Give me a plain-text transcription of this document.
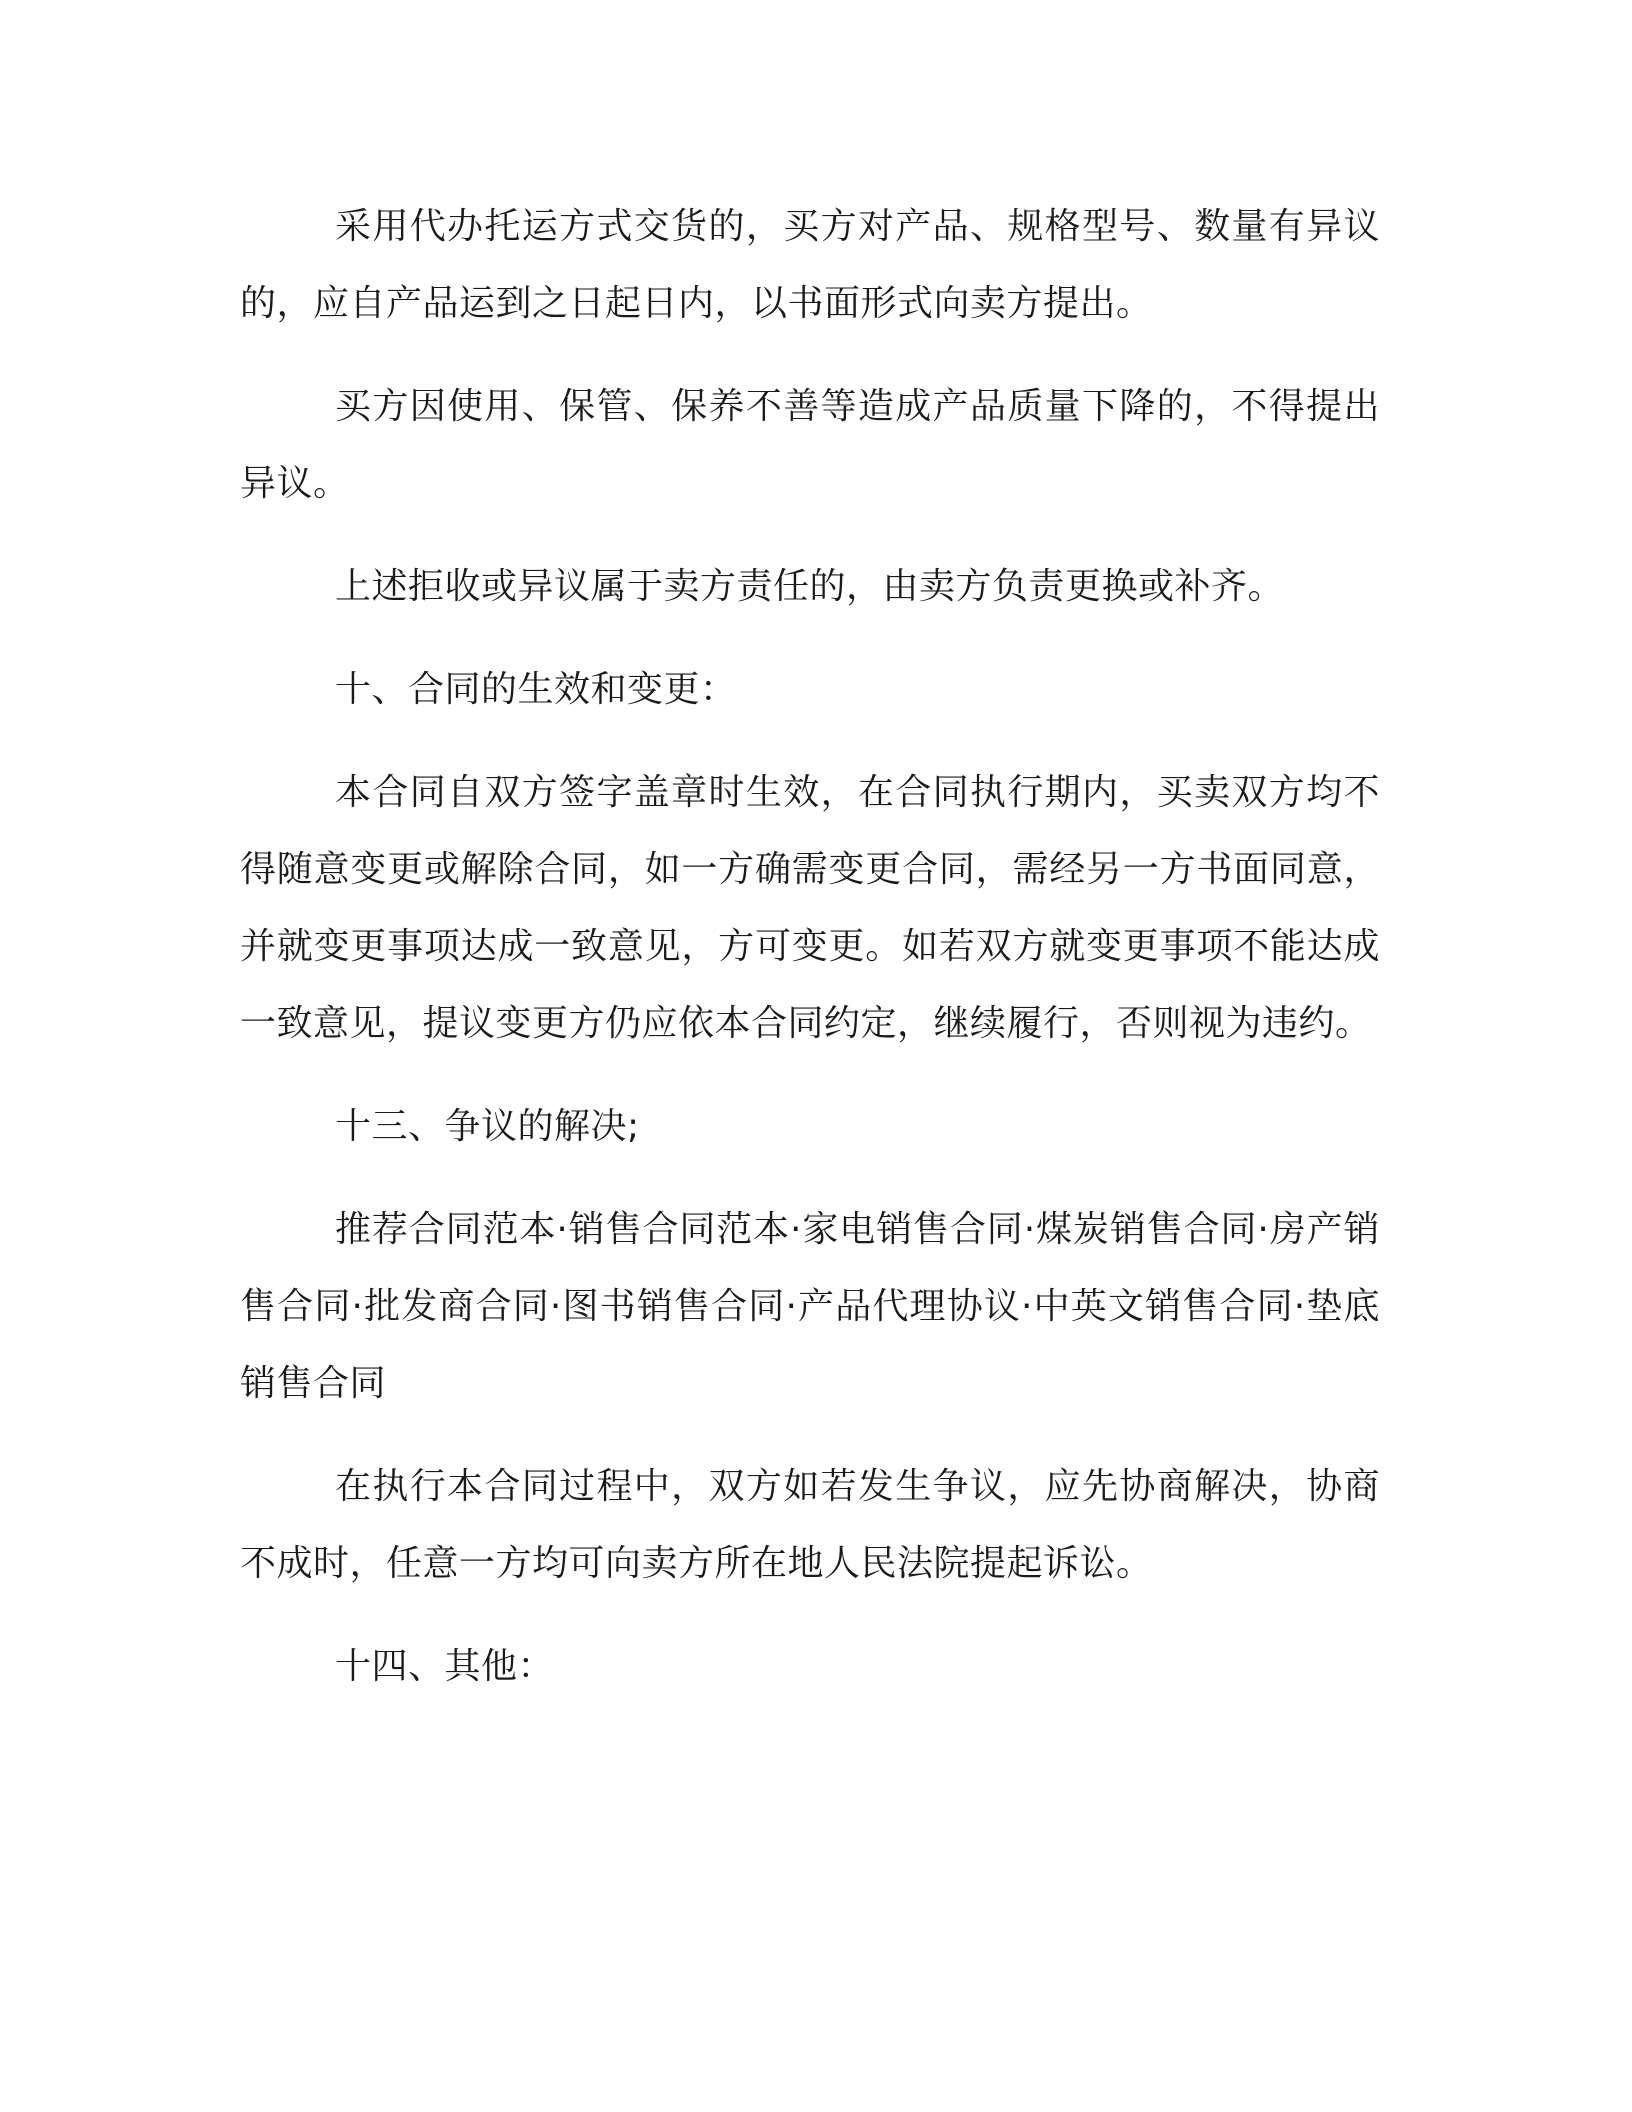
采用代办托运方式交货的，买方对产品、规格型号、数量有异议的，应自产品运到之日起日内，以书面形式向卖方提出。

买方因使用、保管、保养不善等造成产品质量下降的，不得提出异议。

上述拒收或异议属于卖方责任的，由卖方负责更换或补齐。

十、合同的生效和变更：

本合同自双方签字盖章时生效，在合同执行期内，买卖双方均不得随意变更或解除合同，如一方确需变更合同，需经另一方书面同意，并就变更事项达成一致意见，方可变更。如若双方就变更事项不能达成一致意见，提议变更方仍应依本合同约定，继续履行，否则视为违约。

十三、争议的解决;

推荐合同范本·销售合同范本·家电销售合同·煤炭销售合同·房产销售合同·批发商合同·图书销售合同·产品代理协议·中英文销售合同·垫底销售合同

在执行本合同过程中，双方如若发生争议，应先协商解决，协商不成时，任意一方均可向卖方所在地人民法院提起诉讼。

十四、其他：
